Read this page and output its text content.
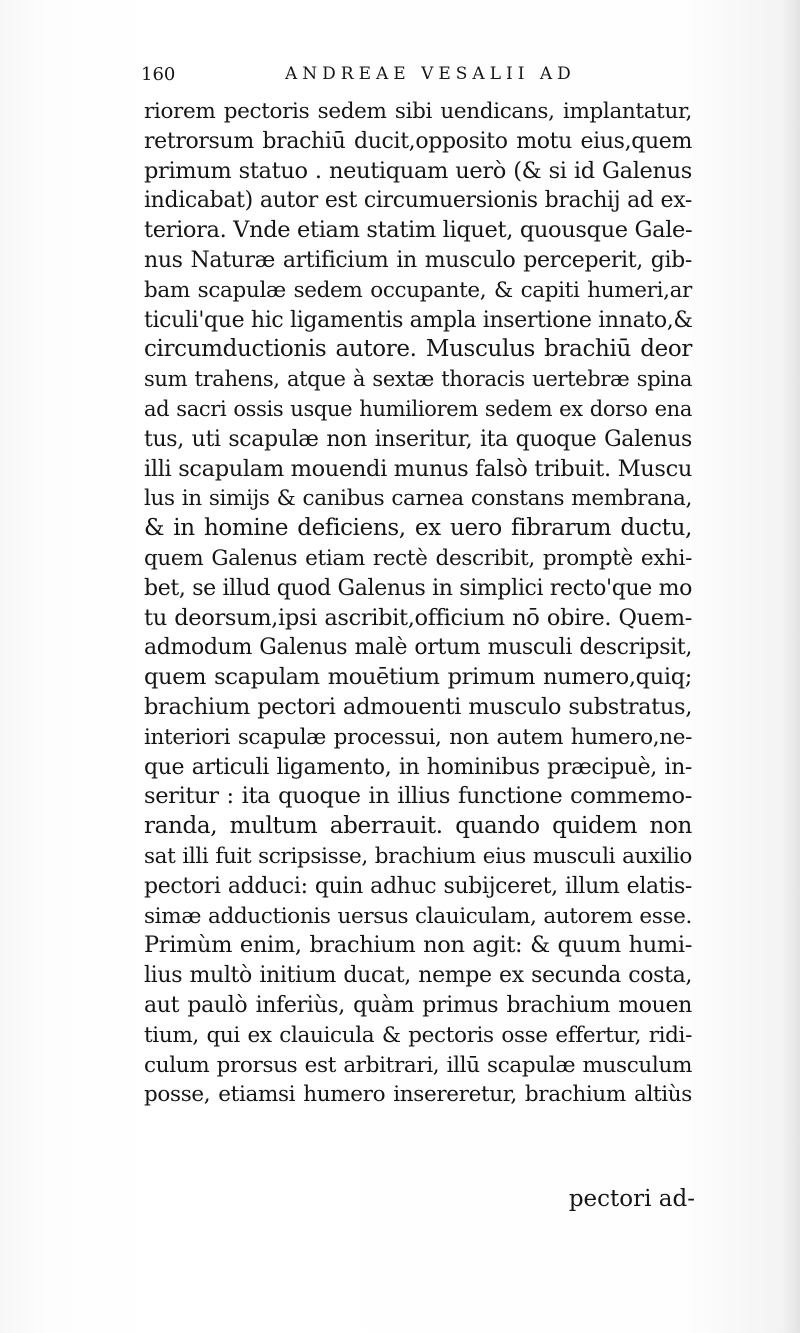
160	ANDREAE VESALII AD
riorem pectoris sedem sibi uendicans, implantatur,
retrorsum brachiū ducit,opposito motu eius,quem
primum statuo . neutiquam uerò (& si id Galenus
indicabat) autor est circumuersionis brachij ad ex-
teriora. Vnde etiam statim liquet, quousque Gale-
nus Naturæ artificium in musculo perceperit, gib-
bam scapulæ sedem occupante, & capiti humeri,ar
ticuli'que hic ligamentis ampla insertione innato,&
circumductionis autore. Musculus brachiū deor
sum trahens, atque à sextæ thoracis uertebræ spina
ad sacri ossis usque humiliorem sedem ex dorso ena
tus, uti scapulæ non inseritur, ita quoque Galenus
illi scapulam mouendi munus falsò tribuit. Muscu
lus in simijs & canibus carnea constans membrana,
& in homine deficiens, ex uero fibrarum ductu,
quem Galenus etiam rectè describit, promptè exhi-
bet, se illud quod Galenus in simplici recto'que mo
tu deorsum,ipsi ascribit,officium nō obire. Quem-
admodum Galenus malè ortum musculi descripsit,
quem scapulam mouētium primum numero,quiq;
brachium pectori admouenti musculo substratus,
interiori scapulæ processui, non autem humero,ne-
que articuli ligamento, in hominibus præcipuè, in-
seritur : ita quoque in illius functione commemo-
randa, multum aberrauit. quando quidem non
sat illi fuit scripsisse, brachium eius musculi auxilio
pectori adduci: quin adhuc subijceret, illum elatis-
simæ adductionis uersus clauiculam, autorem esse.
Primùm enim, brachium non agit: & quum humi-
lius multò initium ducat, nempe ex secunda costa,
aut paulò inferiùs, quàm primus brachium mouen
tium, qui ex clauicula & pectoris osse effertur, ridi-
culum prorsus est arbitrari, illū scapulæ musculum
posse, etiamsi humero insereretur, brachium altiùs
pectori ad-
